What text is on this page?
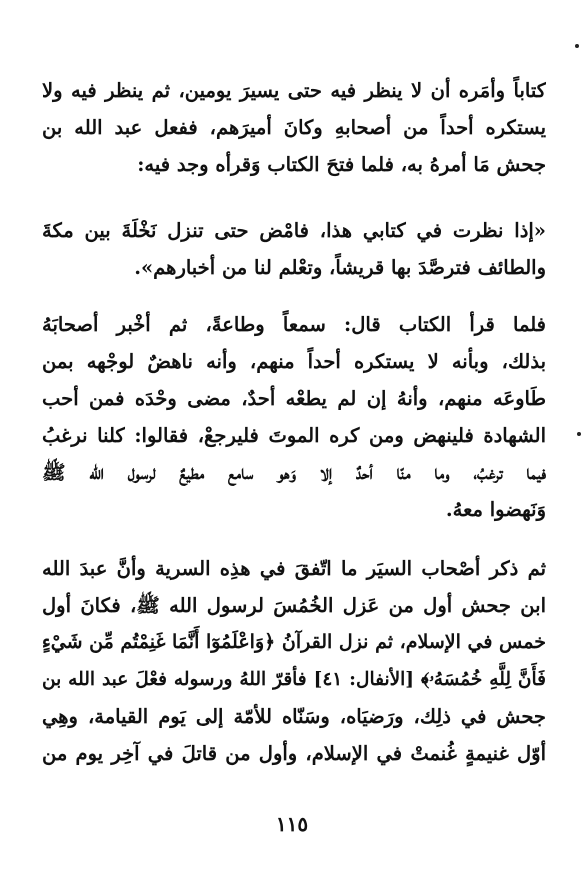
كتاباً وأمَره أن لا ينظر فيه حتى يسيرَ يومين، ثم ينظر فيه ولا
يستكره أحداً من أصحابهِ وكانَ أميرَهم، ففعل عبد الله بن
جحش مَا أمرهُ به، فلما فتحَ الكتاب وَقرأه وجد فيه:
«إذا نظرت في كتابي هذا، فامْض حتى تنزل نَخْلَةَ بين مكةَ
والطائف فترصَّدَ بها قريشاً، وتعْلم لنا من أخبارهم».
فلما قرأ الكتاب قال: سمعاً وطاعةً، ثم أخْبر أصحابَهُ
بذلك، وبأنه لا يستكره أحداً منهم، وأنه ناهضٌ لوجْهه بمن
طَاوعَه منهم، وأنهُ إن لم يطعْه أحدٌ، مضى وحْدَه فمن أحب
الشهادة فلينهض ومن كره الموتَ فليرجعْ، فقالوا: كلنا نرغبُ
فيما ترغبُ، وما منّا أحدٌ إلا وَهو سامع مطيعٌ لرسول الله ﷺ
وَنَهضوا معهُ.
ثم ذكر أصْحاب السيَر ما اتّفقَ في هذِه السرية وأنَّ عبدَ الله
ابن جحش أول من عَزل الخُمُسَ لرسول الله ﷺ، فكانَ أول
خمس في الإسلام، ثم نزل القرآنُ ﴿وَاعْلَمُوٓا أَنَّمَا غَنِمْتُم مِّن شَيْءٍ
فَأَنَّ لِلَّهِ خُمُسَهُۥ﴾ [الأنفال: ٤١] فأقرّ اللهُ ورسوله فعْلَ عبد الله بن
جحش في ذلِك، ورَضيَاه، وسَنّاه للأمّة إلى يَوم القيامة، وهِي
أوّل غنيمةٍ غُنمتْ في الإسلام، وأول من قاتلَ في آخِر يوم من
١١٥
